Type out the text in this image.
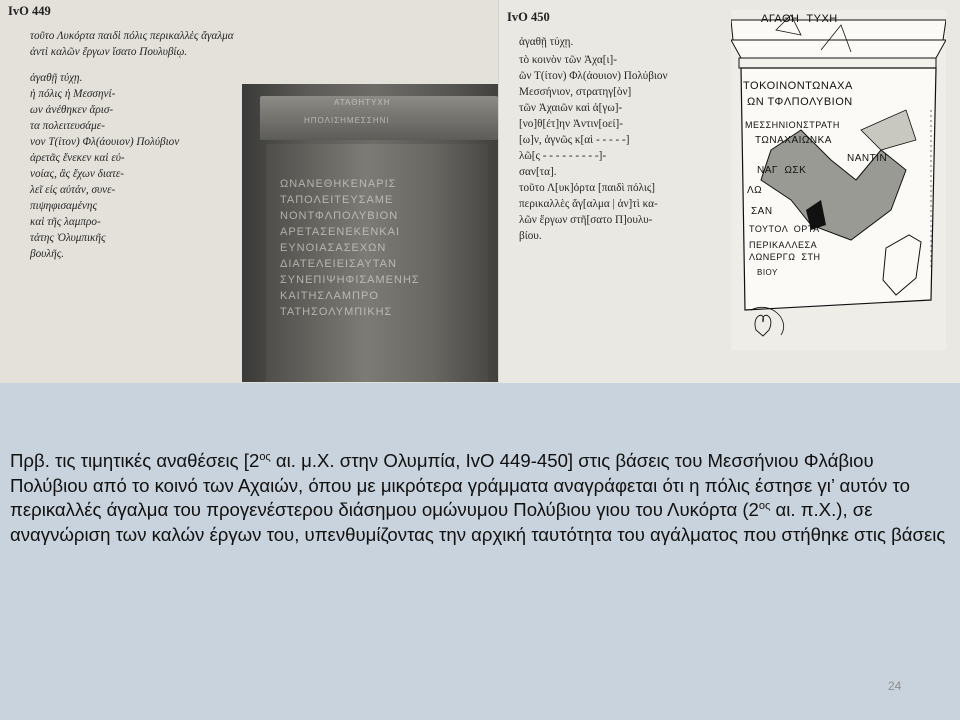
IvO 449
τοῦτο Λυκόρτα παιδὶ πόλις περικαλλὲς ἄγαλμα
ἀντὶ καλῶν ἔργων ἵσατο Πουλυβίῳ.
ἀγαθῇ τύχῃ.
ἡ πόλις ἡ Μεσσηνί-
ων ἀνέθηκεν ἄρισ-
τα πολειτευσάμε-
νον Τ(ίτον) Φλ(άουιον) Πολύβιον
ἀρετᾶς ἕνεκεν καὶ εὐ-
νοίας, ἃς ἔχων διατε-
λεῖ εἰς αὐτάν, συνε-
πιψηφισαμένης
καὶ τῆς λαμπρο-
τάτης Ὀλυμπικῆς
βουλῆς.
ΑΤΑΘΗΤΥΧΗ
ΗΠΟΛΙΣΗΜΕΣΣΗΝΙ
ΩΝΑΝΕΘΗΚΕΝΑΡΙΣ
ΤΑΠΟΛΕΙΤΕΥΣΑΜΕ
ΝΟΝΤΦΛΠΟΛΥΒΙΟΝ
ΑΡΕΤΑΣΕΝΕΚΕΝΚΑΙ
ΕΥΝΟΙΑΣΑΣΕΧΩΝ
ΔΙΑΤΕΛΕΙΕΙΣΑΥΤΑΝ
ΣΥΝΕΠΙΨΗΦΙΣΑΜΕΝΗΣ
ΚΑΙΤΗΣΛΑΜΠΡΟ
ΤΑΤΗΣΟΛΥΜΠΙΚΗΣ
IvO 450
ἀγαθῇ τύχῃ.
τὸ κοινὸν τῶν Ἀχα[ι]-
ῶν Τ(ίτον) Φλ(άουιον) Πολύβιον
Μεσσήνιον, στρατηγ[ὸν]
τῶν Ἀχαιῶν καὶ ἀ[γω]-
[νο]θ[έτ]ην Ἀντιν[οεί]-
[ω]ν, ἁγνῶς κ[αὶ - - - - -]
λῶ[ς - - - - - - - - -]-
σαν[τα].
τοῦτο Λ[υκ]όρτα [παιδὶ πόλις]
περικαλλὲς ἄγ[αλμα | ἀν]τὶ κα-
λῶν ἔργων στῆ[σατο Π]ουλυ-
βίου.
ΑΓΑΘΗ  ΤΥΧΗ
ΤΟΚΟΙΝΟΝΤΩΝΑΧΑ
ΩΝ ΤΦΛΠΟΛΥΒΙΟΝ
ΜΕΣΣΗΝΙΟΝΣΤΡΑΤΗ
ΤΩΝΑΧΑΙΩΝΚΑ
ΝΑΝΤΙΝ
ΝΑΓ  ΩΣΚ
ΛΩ
ΣΑΝ
ΤΟΥΤΟΛ  ΟΡΤΑ
ΠΕΡΙΚΑΛΛΕΣΑ
ΛΩΝΕΡΓΩ  ΣΤΗ
ΒΙΟΥ
Πρβ. τις τιμητικές αναθέσεις [$2^{o\varsigma}$ αι. μ.Χ. στην Ολυμπία, IvO 449-450] στις βάσεις του Μεσσήνιου Φλάβιου Πολύβιου από το κοινό των Αχαιών, όπου με μικρότερα γράμματα αναγράφεται ότι η πόλις έστησε γι’ αυτόν το περικαλλές άγαλμα του προγενέστερου διάσημου ομώνυμου Πολύβιου γιου του Λυκόρτα ($2^{o\varsigma}$ αι. π.Χ.), σε αναγνώριση των καλών έργων του, υπενθυμίζοντας την αρχική ταυτότητα του αγάλματος που στήθηκε στις βάσεις
24
